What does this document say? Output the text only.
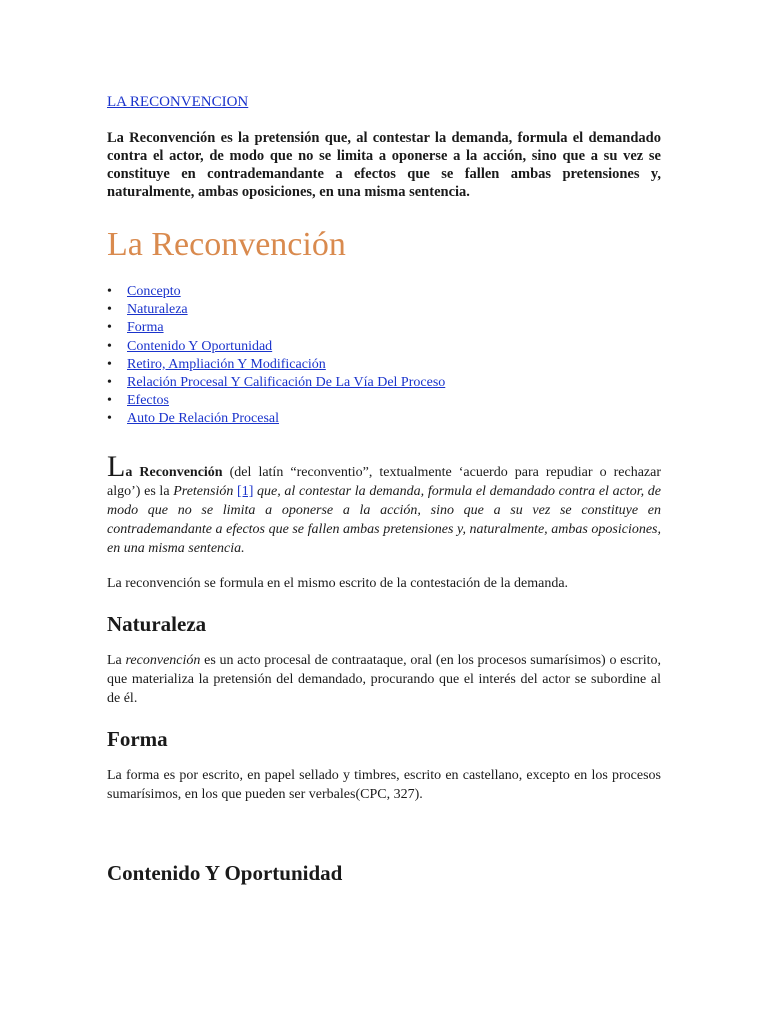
LA RECONVENCION

La Reconvención es la pretensión que, al contestar la demanda, formula el demandado contra el actor, de modo que no se limita a oponerse a la acción, sino que a su vez se constituye en contrademandante a efectos que se fallen ambas pretensiones y, naturalmente, ambas oposiciones, en una misma sentencia.

La Reconvención
• Concepto
• Naturaleza
• Forma
• Contenido Y Oportunidad
• Retiro, Ampliación Y Modificación
• Relación Procesal Y Calificación De La Vía Del Proceso
• Efectos
• Auto De Relación Procesal

La Reconvención (del latín “reconventio”, textualmente ‘acuerdo para repudiar o rechazar algo’) es la Pretensión [1] que, al contestar la demanda, formula el demandado contra el actor, de modo que no se limita a oponerse a la acción, sino que a su vez se constituye en contrademandante a efectos que se fallen ambas pretensiones y, naturalmente, ambas oposiciones, en una misma sentencia.

La reconvención se formula en el mismo escrito de la contestación de la demanda.

Naturaleza

La reconvención es un acto procesal de contraataque, oral (en los procesos sumarísimos) o escrito, que materializa la pretensión del demandado, procurando que el interés del actor se subordine al de él.

Forma

La forma es por escrito, en papel sellado y timbres, escrito en castellano, excepto en los procesos sumarísimos, en los que pueden ser verbales(CPC, 327).

Contenido Y Oportunidad
